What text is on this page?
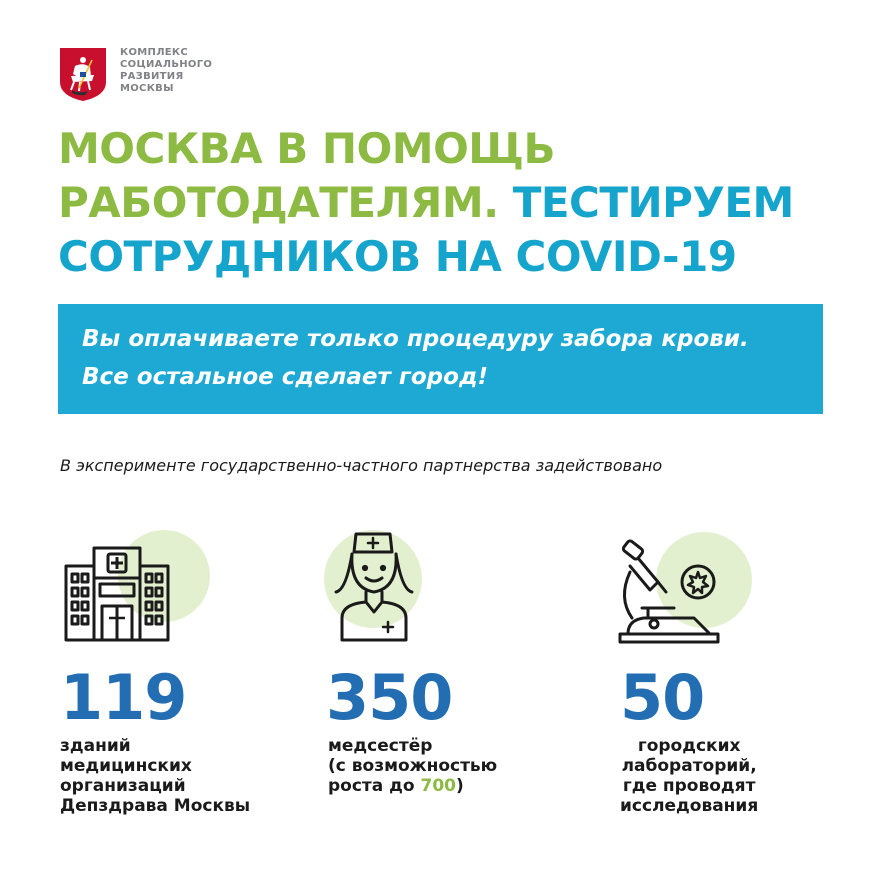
КОМПЛЕКС
СОЦИАЛЬНОГО
РАЗВИТИЯ
МОСКВЫ
МОСКВА В ПОМОЩЬ
РАБОТОДАТЕЛЯМ. ТЕСТИРУЕМ
СОТРУДНИКОВ НА COVID-19
Вы оплачиваете только процедуру забора крови.
Все остальное сделает город!
В эксперименте государственно-частного партнерства задействовано
119
зданий
медицинских
организаций
Депздрава Москвы
350
медсестёр
(с возможностью
роста до 700)
50
городских
лабораторий,
где проводят
исследования
